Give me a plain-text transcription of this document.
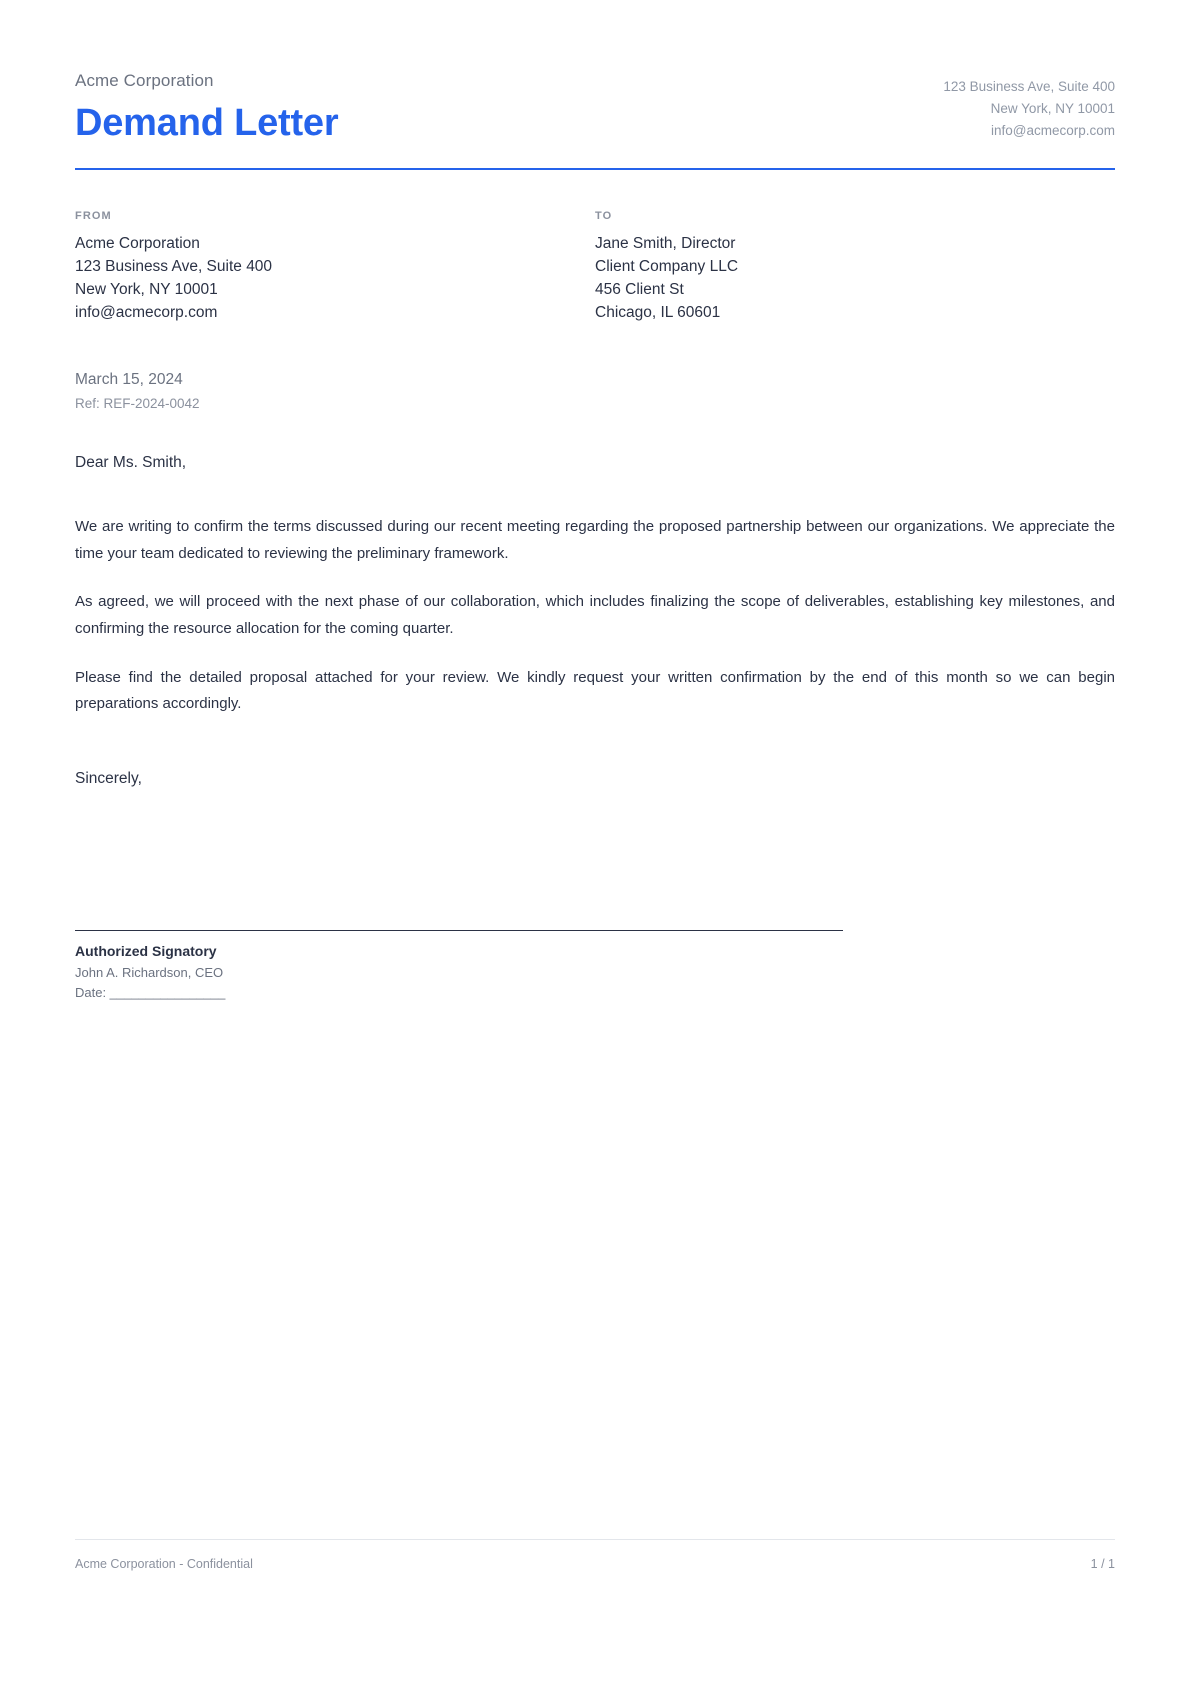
Acme Corporation
Demand Letter
123 Business Ave, Suite 400
New York, NY 10001
info@acmecorp.com
FROM
Acme Corporation
123 Business Ave, Suite 400
New York, NY 10001
info@acmecorp.com
TO
Jane Smith, Director
Client Company LLC
456 Client St
Chicago, IL 60601
March 15, 2024
Ref: REF-2024-0042
Dear Ms. Smith,

We are writing to confirm the terms discussed during our recent meeting regarding the proposed partnership between our organizations. We appreciate the time your team dedicated to reviewing the preliminary framework.

As agreed, we will proceed with the next phase of our collaboration, which includes finalizing the scope of deliverables, establishing key milestones, and confirming the resource allocation for the coming quarter.

Please find the detailed proposal attached for your review. We kindly request your written confirmation by the end of this month so we can begin preparations accordingly.

Sincerely,
Authorized Signatory
John A. Richardson, CEO
Date: ________________
Acme Corporation - Confidential	1 / 1
